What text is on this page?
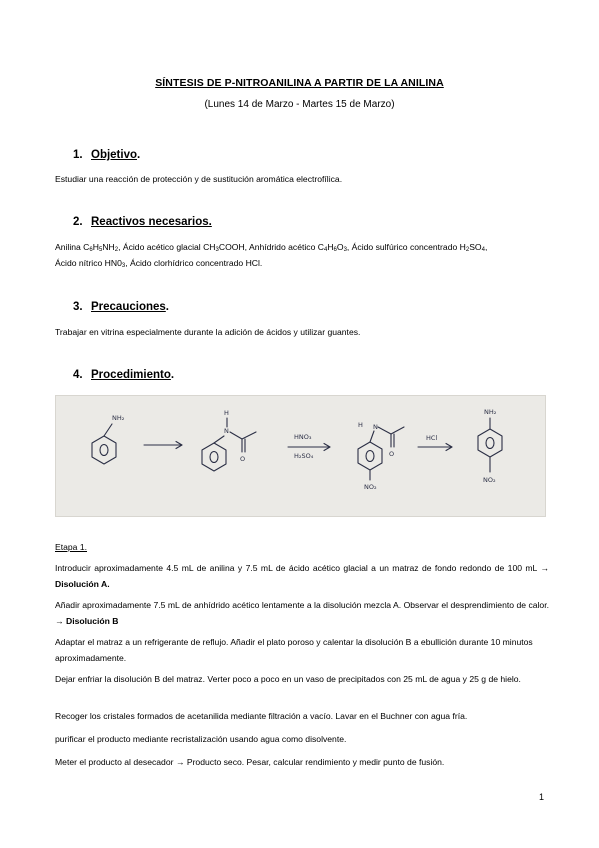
SÍNTESIS DE P-NITROANILINA A PARTIR DE LA ANILINA
(Lunes 14 de Marzo - Martes 15 de Marzo)
1. Objetivo.
Estudiar una reacción de protección y de sustitución aromática electrofílica.
2. Reactivos necesarios.
Anilina $C_6H_5NH_2$, Ácido acético glacial $CH_3COOH$, Anhídrido acético $C_4H_6O_3$, Ácido sulfúrico concentrado $H_2SO_4$,
Ácido nítrico $HN0_3$, Ácido clorhídrico concentrado HCl.
3. Precauciones.
Trabajar en vitrina especialmente durante la adición de ácidos y utilizar guantes.
4. Procedimiento.
NH₂
H
N
O
HNO₃
H₂SO₄
H N
O
NO₂
HCl
NH₂
NO₂
Etapa 1.
Introducir aproximadamente 4.5 mL de anilina y 7.5 mL de ácido acético glacial a un matraz de fondo redondo de 100 mL → Disolución A.
Añadir aproximadamente 7.5 mL de anhídrido acético lentamente a la disolución mezcla A. Observar el desprendimiento de calor. → Disolución B
Adaptar el matraz a un refrigerante de reflujo. Añadir el plato poroso y calentar la disolución B a ebullición durante 10 minutos aproximadamente.
Dejar enfriar la disolución B del matraz. Verter poco a poco en un vaso de precipitados con 25 mL de agua y 25 g de hielo.
Recoger los cristales formados de acetanilida mediante filtración a vacío. Lavar en el Buchner con agua fría.
purificar el producto mediante recristalización usando agua como disolvente.
Meter el producto al desecador → Producto seco. Pesar, calcular rendimiento y medir punto de fusión.
1
